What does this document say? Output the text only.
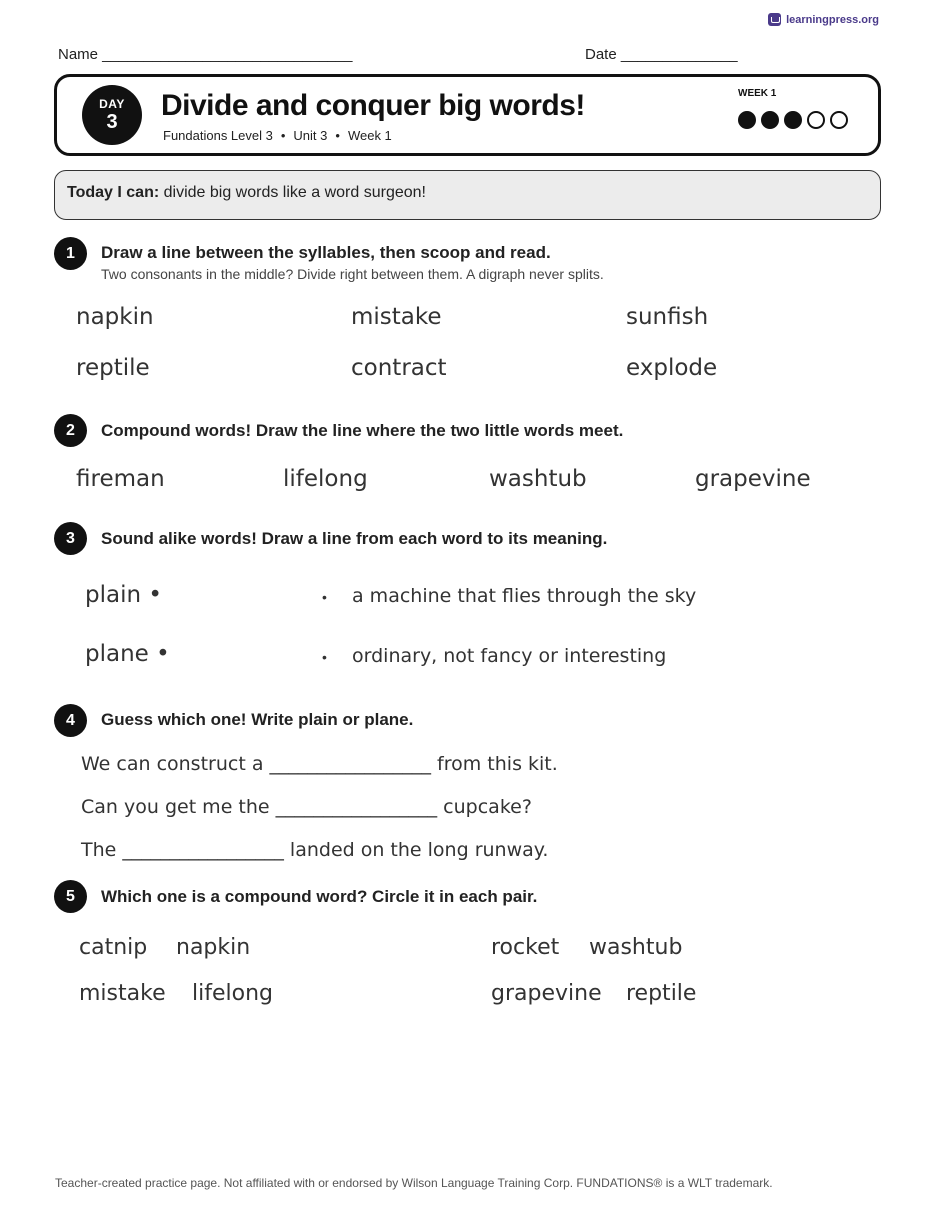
learningpress.org
Name ______________________________	Date ______________
DAY
3	Divide and conquer big words!
Fundations Level 3 • Unit 3 • Week 1
WEEK 1
Today I can: divide big words like a word surgeon!
1	Draw a line between the syllables, then scoop and read.
Two consonants in the middle? Divide right between them. A digraph never splits.
napkin	mistake	sunfish
reptile	contract	explode
2	Compound words! Draw the line where the two little words meet.
fireman	lifelong	washtub	grapevine
3	Sound alike words! Draw a line from each word to its meaning.
plain •
plane •
•
•
a machine that flies through the sky
ordinary, not fancy or interesting
4	Guess which one! Write plain or plane.
We can construct a _________________ from this kit.
Can you get me the _________________ cupcake?
The _________________ landed on the long runway.
5	Which one is a compound word? Circle it in each pair.
catnip napkin	rocket washtub
mistake lifelong	grapevine reptile
Teacher-created practice page. Not affiliated with or endorsed by Wilson Language Training Corp. FUNDATIONS® is a WLT trademark.
